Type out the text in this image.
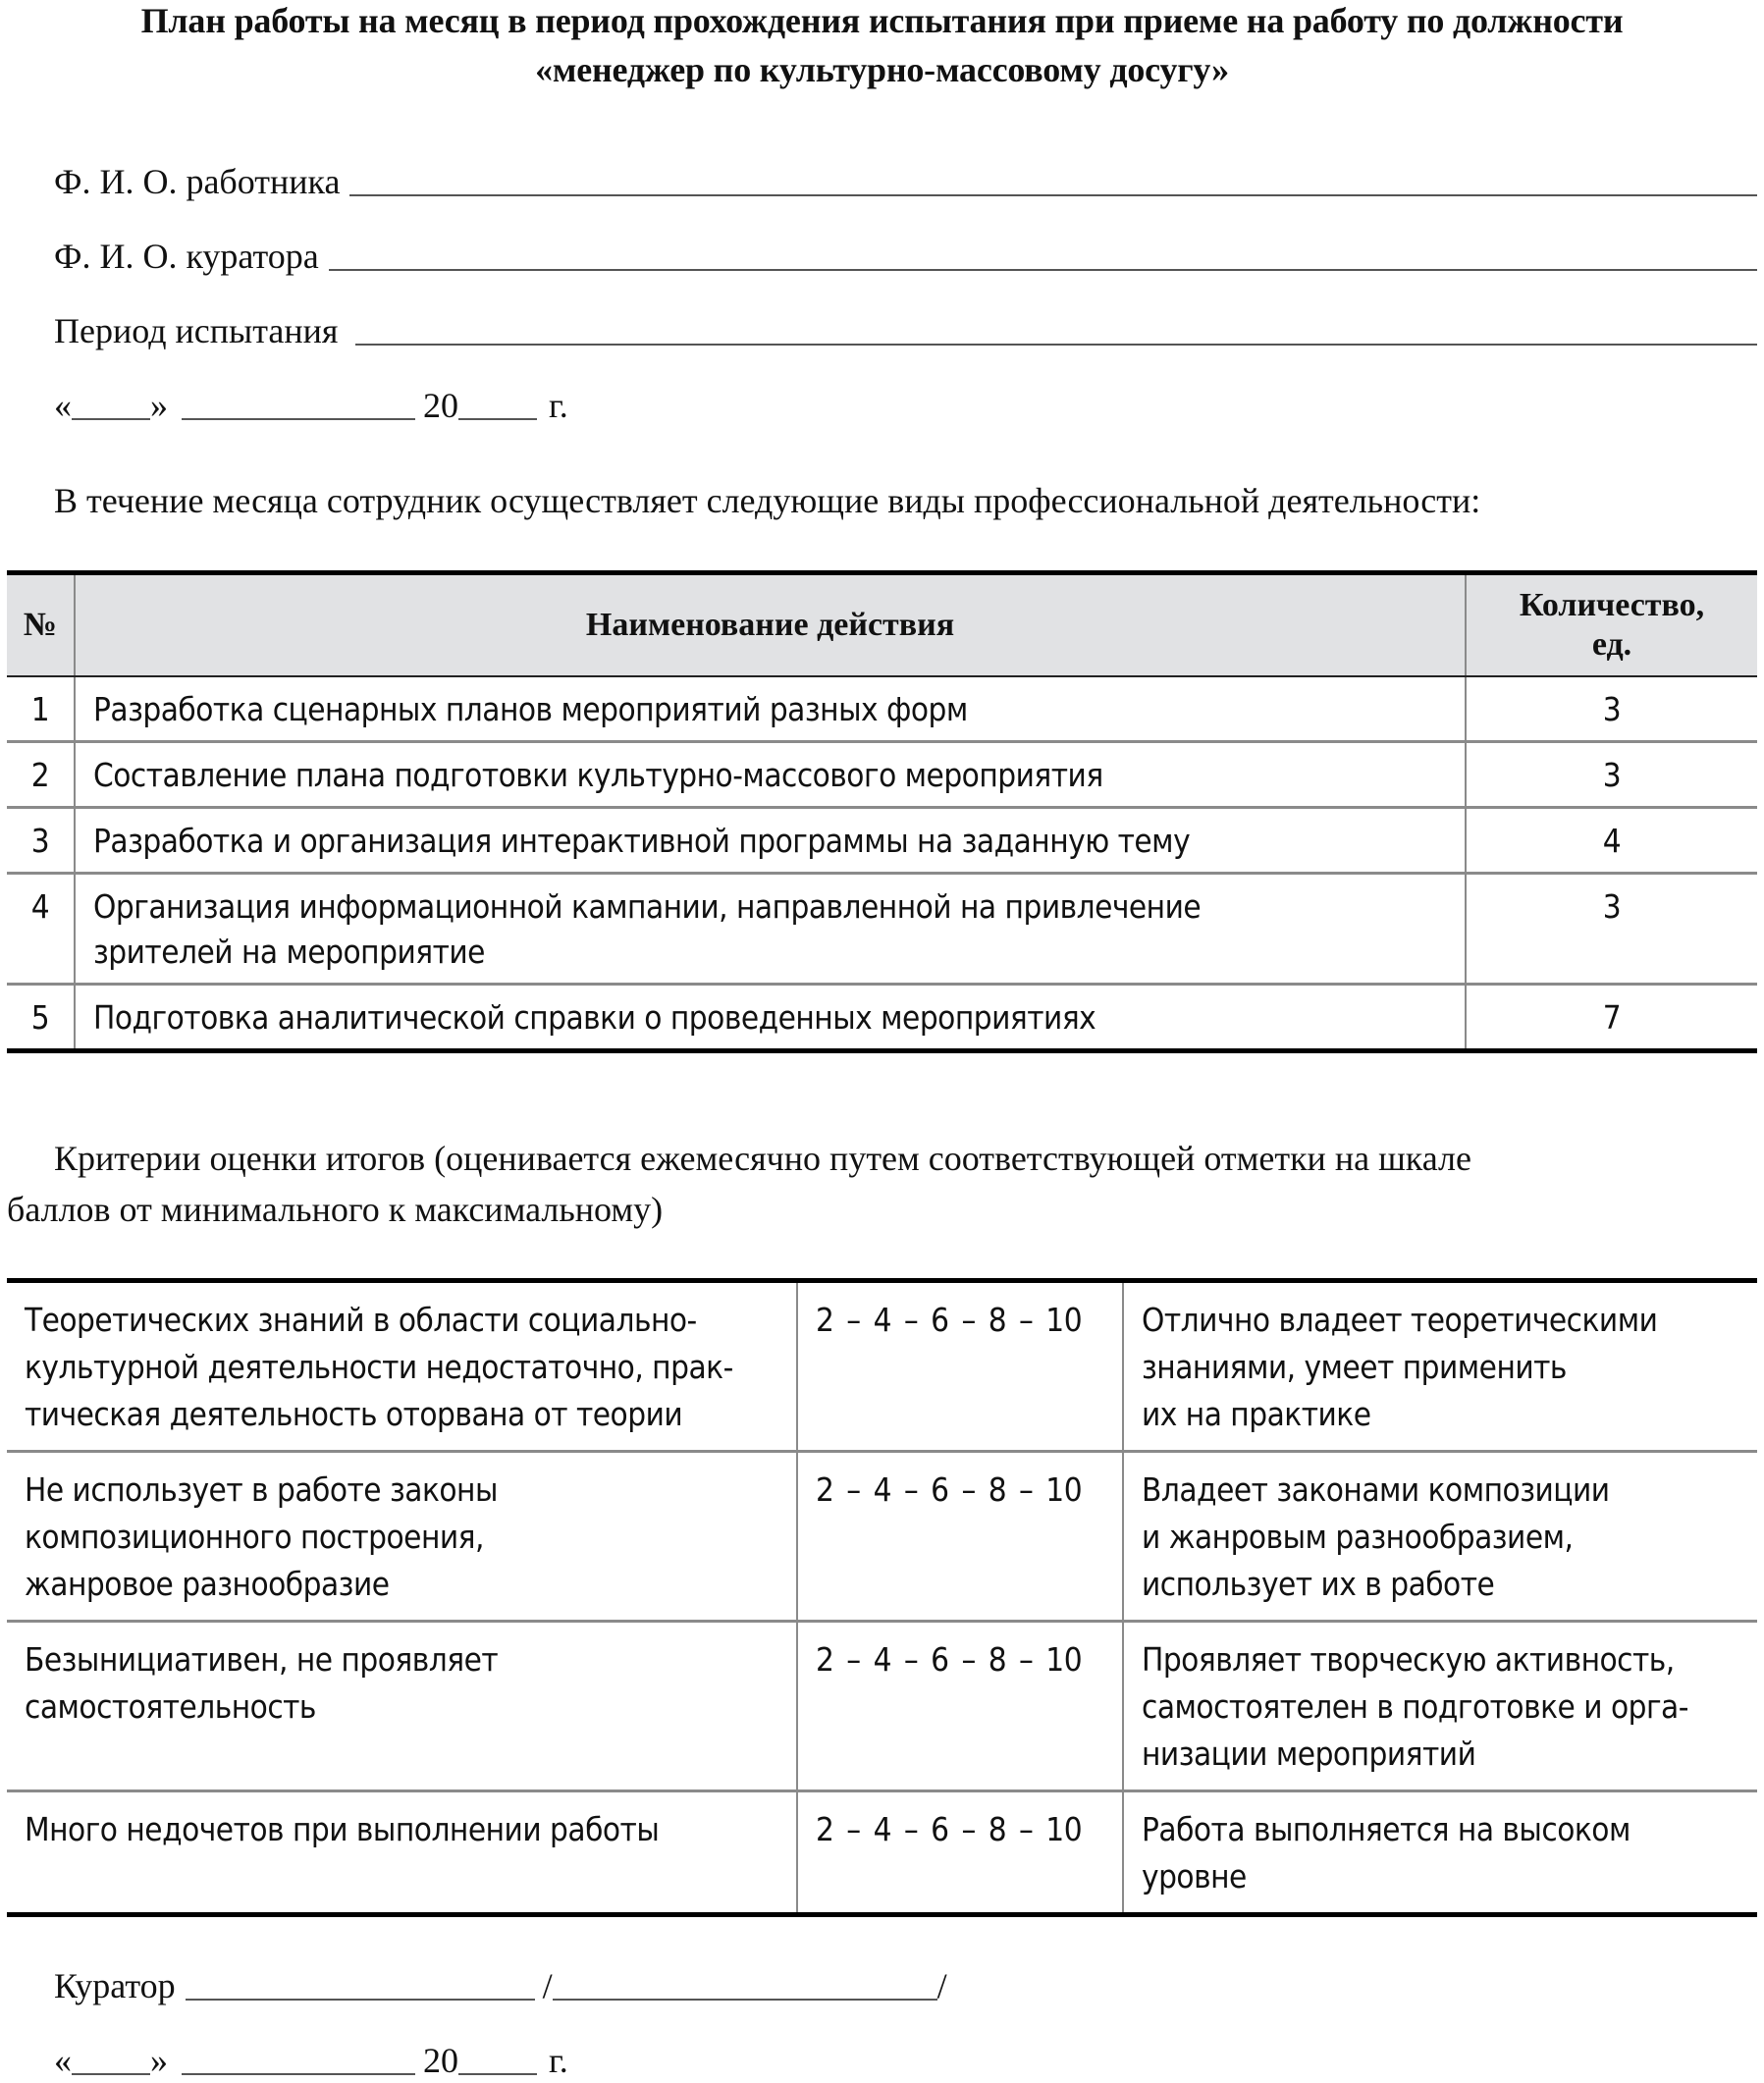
План работы на месяц в период прохождения испытания при приеме на работу по должности
«менеджер по культурно-массовому досугу»
Ф. И. О. работника
Ф. И. О. куратора
Период испытания
« »	20	г.
В течение месяца сотрудник осуществляет следующие виды профессиональной деятельности:
№	Наименование действия	Количество,
ед.

1	Разработка сценарных планов мероприятий разных форм	3
2	Составление плана подготовки культурно-массового мероприятия	3
3	Разработка и организация интерактивной программы на заданную тему	4
4	Организация информационной кампании, направленной на привлечение
зрителей на мероприятие	3
5	Подготовка аналитической справки о проведенных мероприятиях	7
Критерии оценки итогов (оценивается ежемесячно путем соответствующей отметки на шкале
баллов от минимального к максимальному)
Теоретических знаний в области социально-
культурной деятельности недостаточно, прак-
тическая деятельность оторвана от теории	2 – 4 – 6 – 8 – 10	Отлично владеет теоретическими
знаниями, умеет применить
их на практике

Не использует в работе законы
композиционного построения,
жанровое разнообразие	2 – 4 – 6 – 8 – 10	Владеет законами композиции
и жанровым разнообразием,
использует их в работе

Безынициативен, не проявляет
самостоятельность	2 – 4 – 6 – 8 – 10	Проявляет творческую активность,
самостоятелен в подготовке и орга-
низации мероприятий

Много недочетов при выполнении работы	2 – 4 – 6 – 8 – 10	Работа выполняется на высоком
уровне
Куратор	/	/
« »	20	г.
